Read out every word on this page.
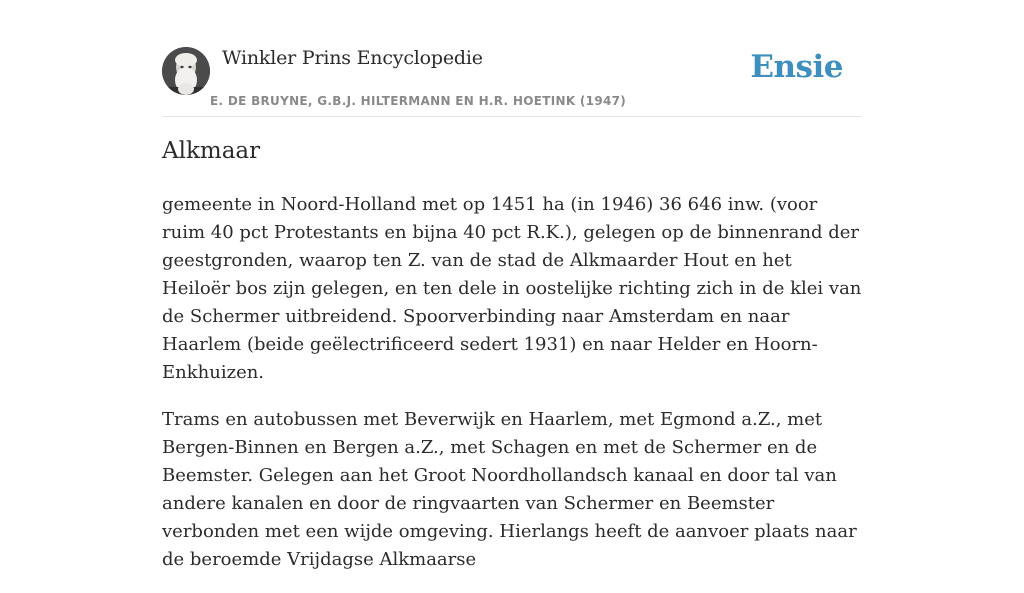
Winkler Prins Encyclopedie
E. DE BRUYNE, G.B.J. HILTERMANN EN H.R. HOETINK (1947)
Ensie
Alkmaar

gemeente in Noord-Holland met op 1451 ha (in 1946) 36 646 inw. (voor ruim 40 pct Protestants en bijna 40 pct R.K.), gelegen op de binnenrand der geestgronden, waarop ten Z. van de stad de Alkmaarder Hout en het Heiloër bos zijn gelegen, en ten dele in oostelijke richting zich in de klei van de Schermer uitbreidend. Spoorverbinding naar Amsterdam en naar Haarlem (beide geëlectrificeerd sedert 1931) en naar Helder en Hoorn-Enkhuizen.

Trams en autobussen met Beverwijk en Haarlem, met Egmond a.Z., met Bergen-Binnen en Bergen a.Z., met Schagen en met de Schermer en de Beemster. Gelegen aan het Groot Noordhollandsch kanaal en door tal van andere kanalen en door de ringvaarten van Schermer en Beemster verbonden met een wijde omgeving. Hierlangs heeft de aanvoer plaats naar de beroemde Vrijdagse Alkmaarse
